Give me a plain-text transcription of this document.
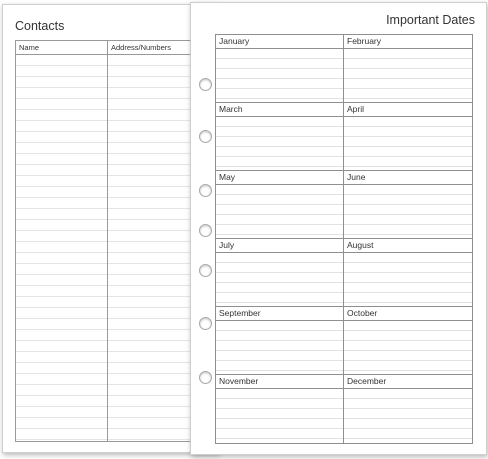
Contacts
Name	Address/Numbers
Important Dates
January	February
March	April
May	June
July	August
September	October
November	December
